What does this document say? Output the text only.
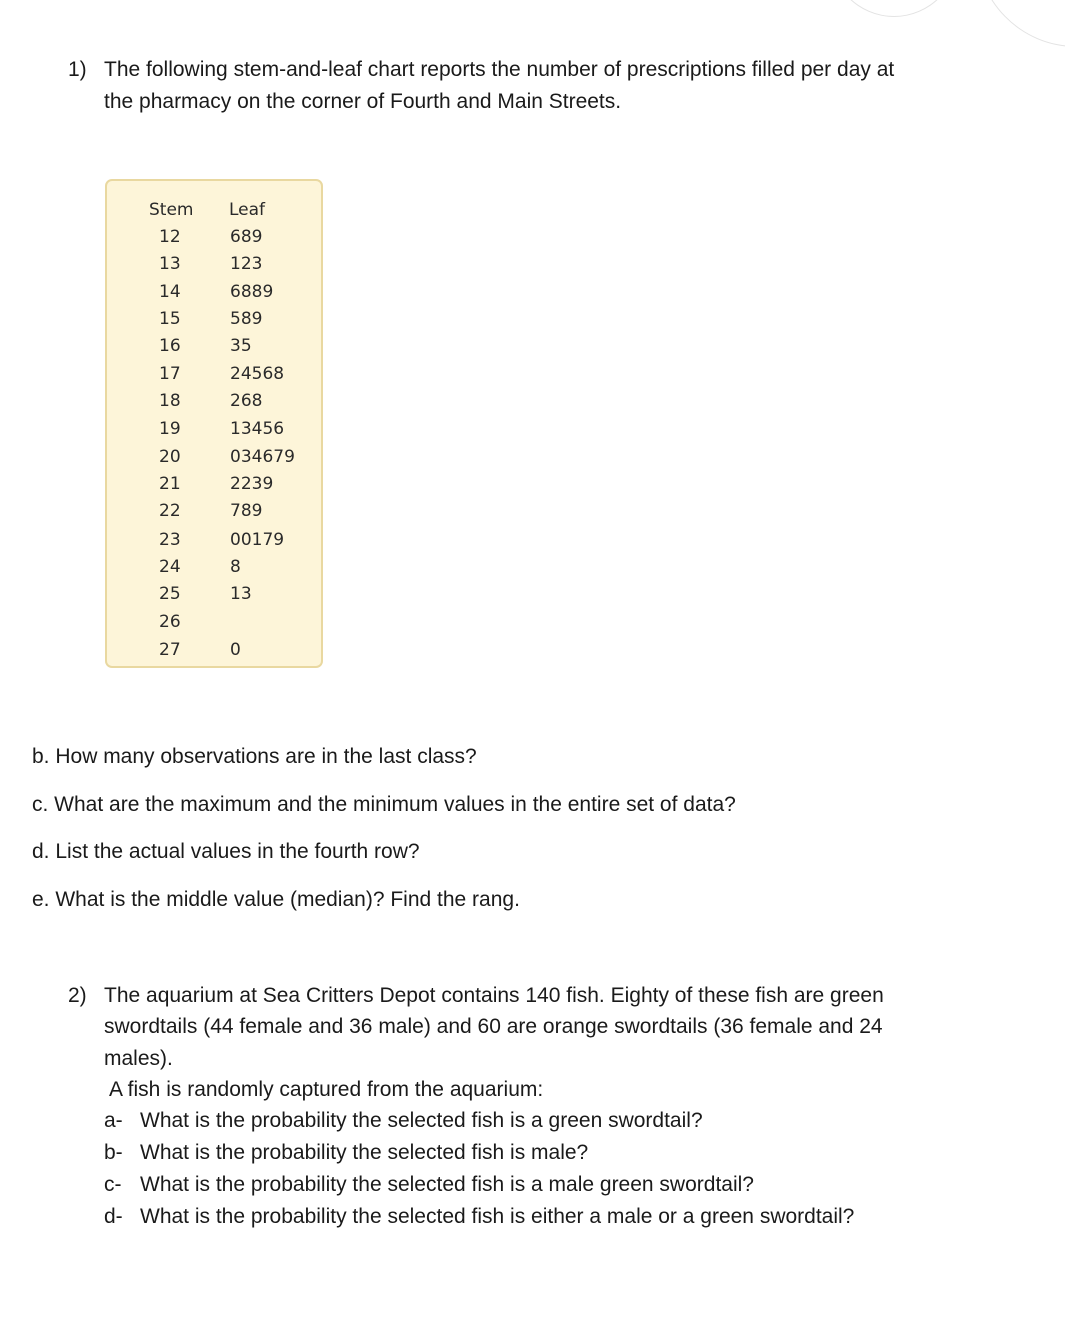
1) The following stem-and-leaf chart reports the number of prescriptions filled per day at
the pharmacy on the corner of Fourth and Main Streets.
Stem Leaf
12	689
13	123
14	6889
15	589
16	35
17	24568
18	268
19	13456
20	034679
21	2239
22	789
23	00179
24	8
25	13
26
27	0
b. How many observations are in the last class?
c. What are the maximum and the minimum values in the entire set of data?
d. List the actual values in the fourth row?
e. What is the middle value (median)? Find the rang.
2) The aquarium at Sea Critters Depot contains 140 fish. Eighty of these fish are green
swordtails (44 female and 36 male) and 60 are orange swordtails (36 female and 24
males).
A fish is randomly captured from the aquarium:
a- What is the probability the selected fish is a green swordtail?
b- What is the probability the selected fish is male?
c- What is the probability the selected fish is a male green swordtail?
d- What is the probability the selected fish is either a male or a green swordtail?
